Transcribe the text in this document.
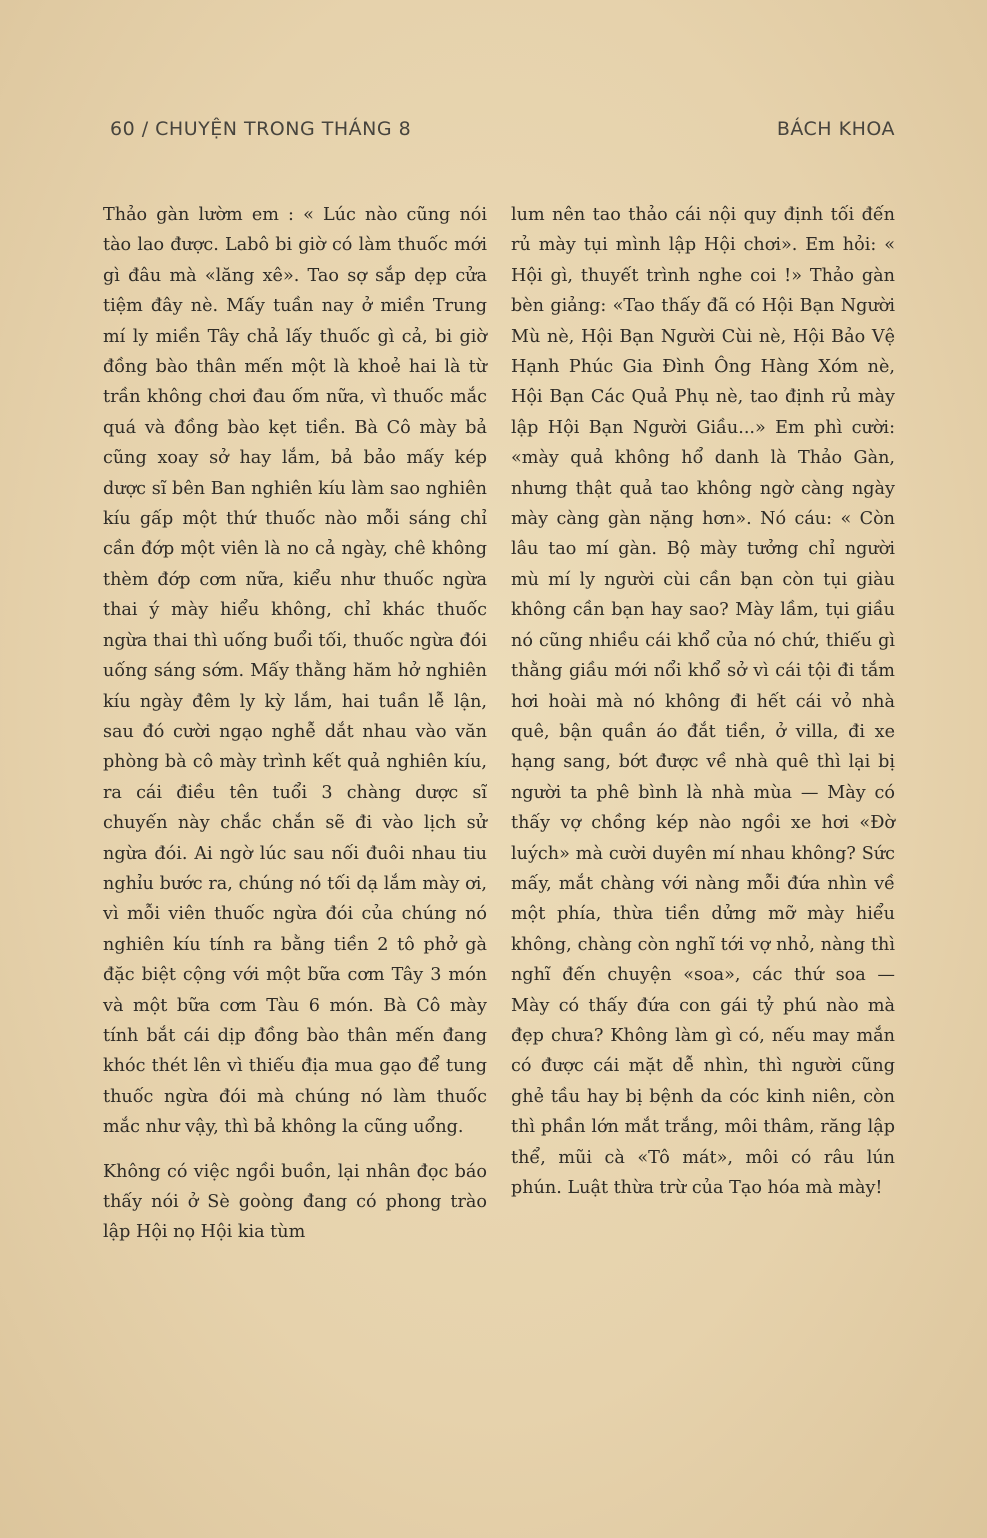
60 / CHUYỆN TRONG THÁNG 8	BÁCH KHOA

Thảo gàn lườm em : « Lúc nào cũng nói tào lao được. Labô bi giờ có làm thuốc mới gì đâu mà «lăng xê». Tao sợ sắp dẹp cửa tiệm đây nè. Mấy tuần nay ở miền Trung mí ly miền Tây chả lấy thuốc gì cả, bi giờ đồng bào thân mến một là khoẻ hai là từ trần không chơi đau ốm nữa, vì thuốc mắc quá và đồng bào kẹt tiền. Bà Cô mày bả cũng xoay sở hay lắm, bả bảo mấy kép dược sĩ bên Ban nghiên kíu làm sao nghiên kíu gấp một thứ thuốc nào mỗi sáng chỉ cần đớp một viên là no cả ngày, chê không thèm đớp cơm nữa, kiểu như thuốc ngừa thai ý mày hiểu không, chỉ khác thuốc ngừa thai thì uống buổi tối, thuốc ngừa đói uống sáng sớm. Mấy thằng hăm hở nghiên kíu ngày đêm ly kỳ lắm, hai tuần lễ lận, sau đó cười ngạo nghễ dắt nhau vào văn phòng bà cô mày trình kết quả nghiên kíu, ra cái điều tên tuổi 3 chàng dược sĩ chuyến này chắc chắn sẽ đi vào lịch sử ngừa đói. Ai ngờ lúc sau nối đuôi nhau tiu nghỉu bước ra, chúng nó tối dạ lắm mày ơi, vì mỗi viên thuốc ngừa đói của chúng nó nghiên kíu tính ra bằng tiền 2 tô phở gà đặc biệt cộng với một bữa cơm Tây 3 món và một bữa cơm Tàu 6 món. Bà Cô mày tính bắt cái dịp đồng bào thân mến đang khóc thét lên vì thiếu địa mua gạo để tung thuốc ngừa đói mà chúng nó làm thuốc mắc như vậy, thì bả không la cũng uổng.

Không có việc ngồi buồn, lại nhân đọc báo thấy nói ở Sè goòng đang có phong trào lập Hội nọ Hội kia tùm

lum nên tao thảo cái nội quy định tối đến rủ mày tụi mình lập Hội chơi». Em hỏi: « Hội gì, thuyết trình nghe coi !» Thảo gàn bèn giảng: «Tao thấy đã có Hội Bạn Người Mù nè, Hội Bạn Người Cùi nè, Hội Bảo Vệ Hạnh Phúc Gia Đình Ông Hàng Xóm nè, Hội Bạn Các Quả Phụ nè, tao định rủ mày lập Hội Bạn Người Giầu...» Em phì cười: «mày quả không hổ danh là Thảo Gàn, nhưng thật quả tao không ngờ càng ngày mày càng gàn nặng hơn». Nó cáu: « Còn lâu tao mí gàn. Bộ mày tưởng chỉ người mù mí ly người cùi cần bạn còn tụi giàu không cần bạn hay sao? Mày lầm, tụi giầu nó cũng nhiều cái khổ của nó chứ, thiếu gì thằng giầu mới nổi khổ sở vì cái tội đi tắm hơi hoài mà nó không đi hết cái vỏ nhà quê, bận quần áo đắt tiền, ở villa, đi xe hạng sang, bớt được về nhà quê thì lại bị người ta phê bình là nhà mùa — Mày có thấy vợ chồng kép nào ngồi xe hơi «Đờ luých» mà cười duyên mí nhau không? Sức mấy, mắt chàng với nàng mỗi đứa nhìn về một phía, thừa tiền dửng mỡ mày hiểu không, chàng còn nghĩ tới vợ nhỏ, nàng thì nghĩ đến chuyện «soa», các thứ soa — Mày có thấy đứa con gái tỷ phú nào mà đẹp chưa? Không làm gì có, nếu may mắn có được cái mặt dễ nhìn, thì người cũng ghẻ tầu hay bị bệnh da cóc kinh niên, còn thì phần lớn mắt trắng, môi thâm, răng lập thể, mũi cà «Tô mát», môi có râu lún phún. Luật thừa trừ của Tạo hóa mà mày!
